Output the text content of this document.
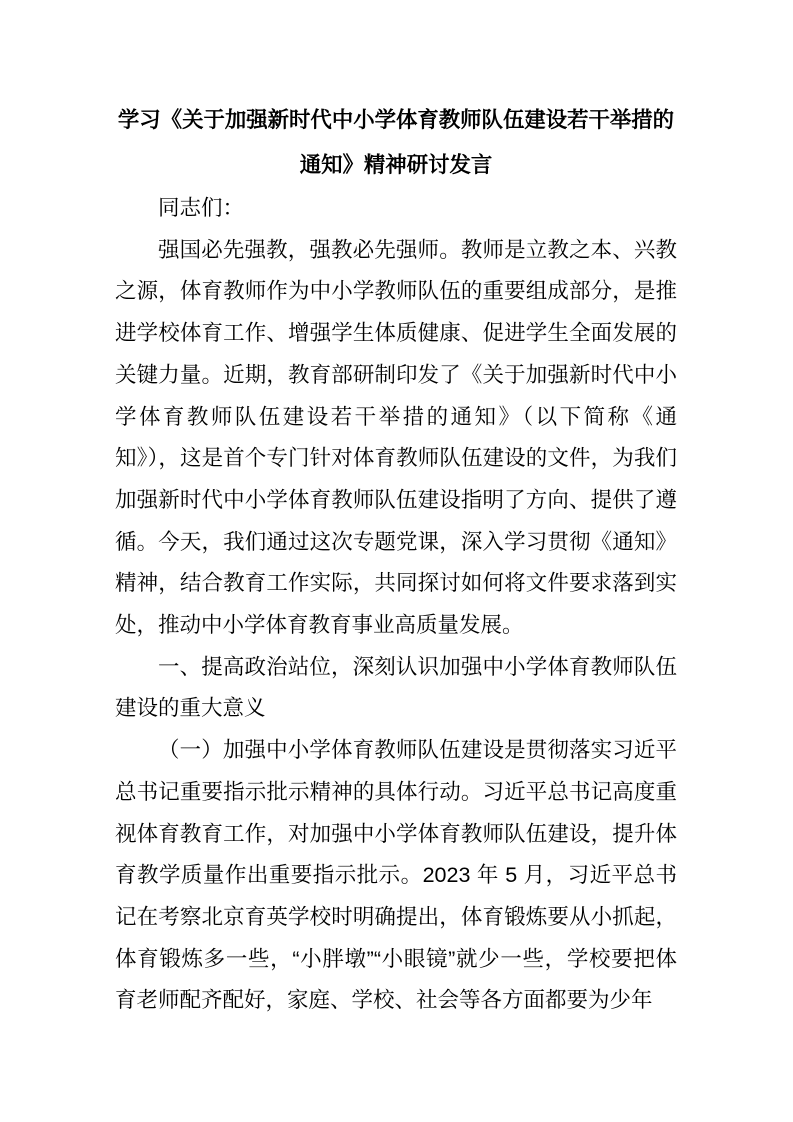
学习《关于加强新时代中小学体育教师队伍建设若干举措的通知》精神研讨发言

同志们：

强国必先强教，强教必先强师。教师是立教之本、兴教之源，体育教师作为中小学教师队伍的重要组成部分，是推进学校体育工作、增强学生体质健康、促进学生全面发展的关键力量。近期，教育部研制印发了《关于加强新时代中小学体育教师队伍建设若干举措的通知》（以下简称《通知》），这是首个专门针对体育教师队伍建设的文件，为我们加强新时代中小学体育教师队伍建设指明了方向、提供了遵循。今天，我们通过这次专题党课，深入学习贯彻《通知》精神，结合教育工作实际，共同探讨如何将文件要求落到实处，推动中小学体育教育事业高质量发展。

一、提高政治站位，深刻认识加强中小学体育教师队伍建设的重大意义

（一）加强中小学体育教师队伍建设是贯彻落实习近平总书记重要指示批示精神的具体行动。习近平总书记高度重视体育教育工作，对加强中小学体育教师队伍建设，提升体育教学质量作出重要指示批示。2023 年 5 月，习近平总书记在考察北京育英学校时明确提出，体育锻炼要从小抓起，体育锻炼多一些，“小胖墩”“小眼镜”就少一些，学校要把体育老师配齐配好，家庭、学校、社会等各方面都要为少年
